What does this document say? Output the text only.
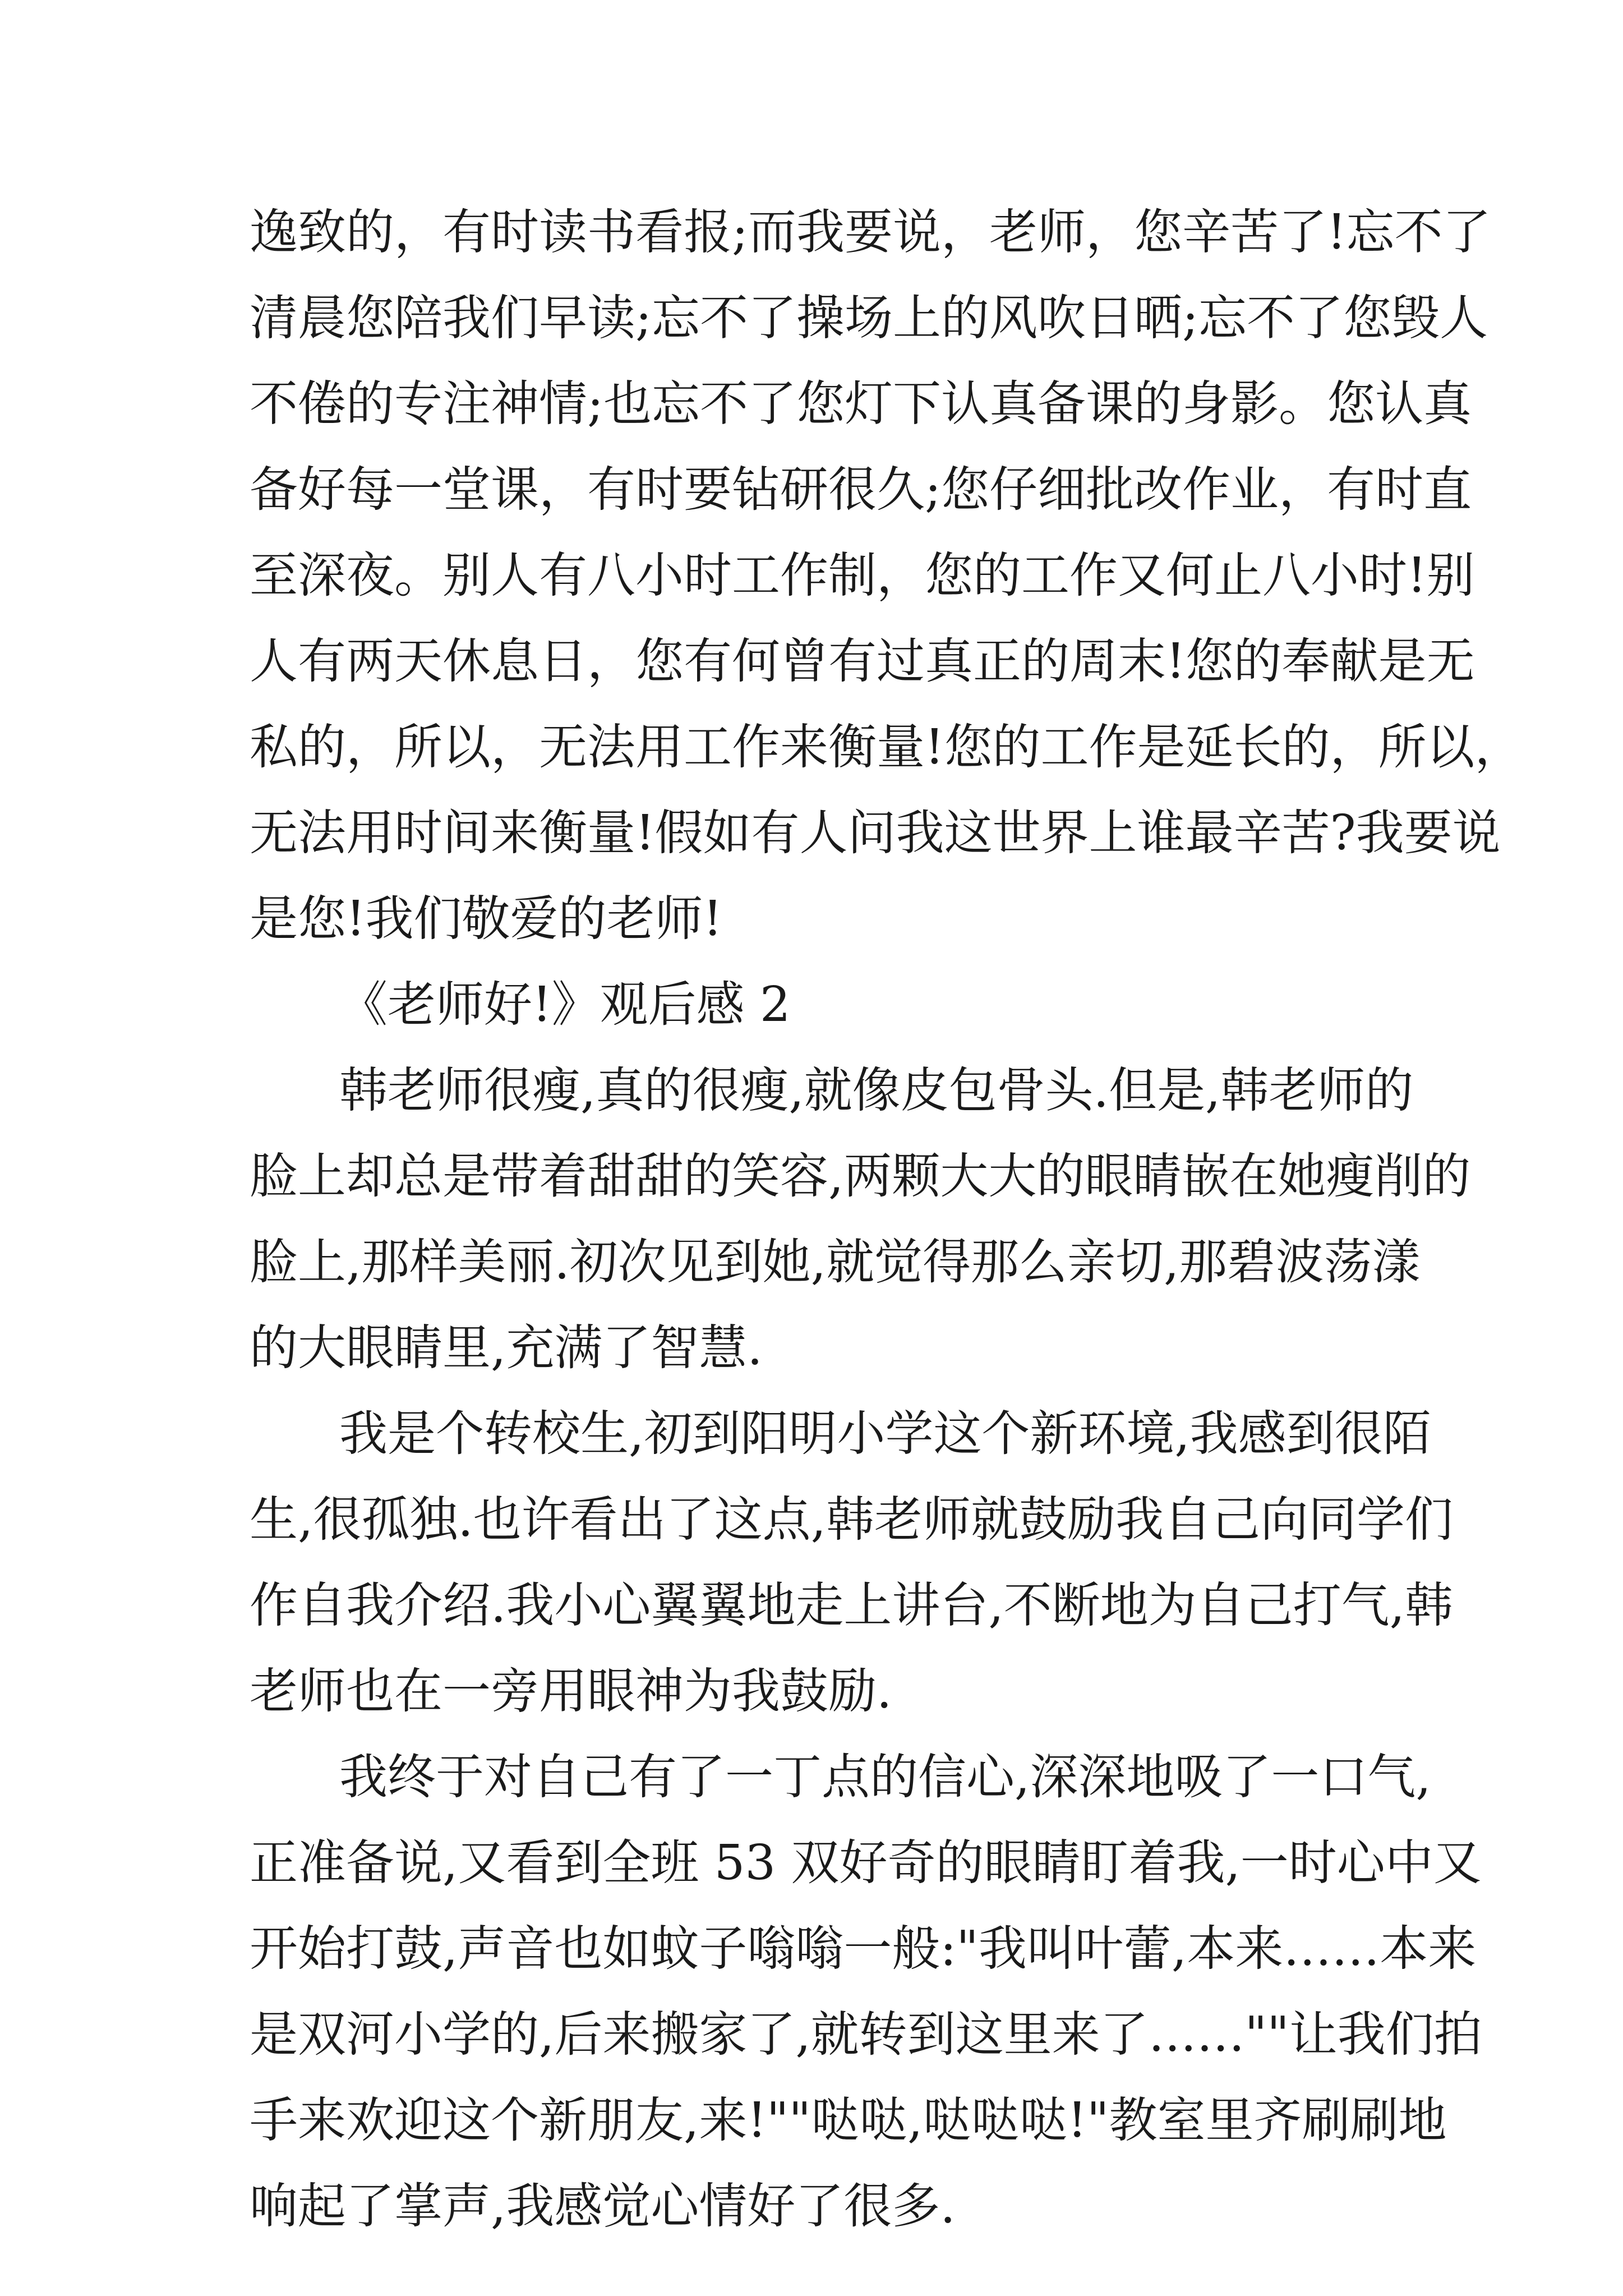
逸致的，有时读书看报;而我要说，老师，您辛苦了!忘不了
清晨您陪我们早读;忘不了操场上的风吹日晒;忘不了您毁人
不倦的专注神情;也忘不了您灯下认真备课的身影。您认真
备好每一堂课，有时要钻研很久;您仔细批改作业，有时直
至深夜。别人有八小时工作制，您的工作又何止八小时!别
人有两天休息日，您有何曾有过真正的周末!您的奉献是无
私的，所以，无法用工作来衡量!您的工作是延长的，所以，
无法用时间来衡量!假如有人问我这世界上谁最辛苦?我要说
是您!我们敬爱的老师!
《老师好!》观后感 2
韩老师很瘦,真的很瘦,就像皮包骨头.但是,韩老师的
脸上却总是带着甜甜的笑容,两颗大大的眼睛嵌在她瘦削的
脸上,那样美丽.初次见到她,就觉得那么亲切,那碧波荡漾
的大眼睛里,充满了智慧.
我是个转校生,初到阳明小学这个新环境,我感到很陌
生,很孤独.也许看出了这点,韩老师就鼓励我自己向同学们
作自我介绍.我小心翼翼地走上讲台,不断地为自己打气,韩
老师也在一旁用眼神为我鼓励.
我终于对自己有了一丁点的信心,深深地吸了一口气,
正准备说,又看到全班 53 双好奇的眼睛盯着我,一时心中又
开始打鼓,声音也如蚊子嗡嗡一般:"我叫叶蕾,本来……本来
是双河小学的,后来搬家了,就转到这里来了……""让我们拍
手来欢迎这个新朋友,来!""哒哒,哒哒哒!"教室里齐刷刷地
响起了掌声,我感觉心情好了很多.
